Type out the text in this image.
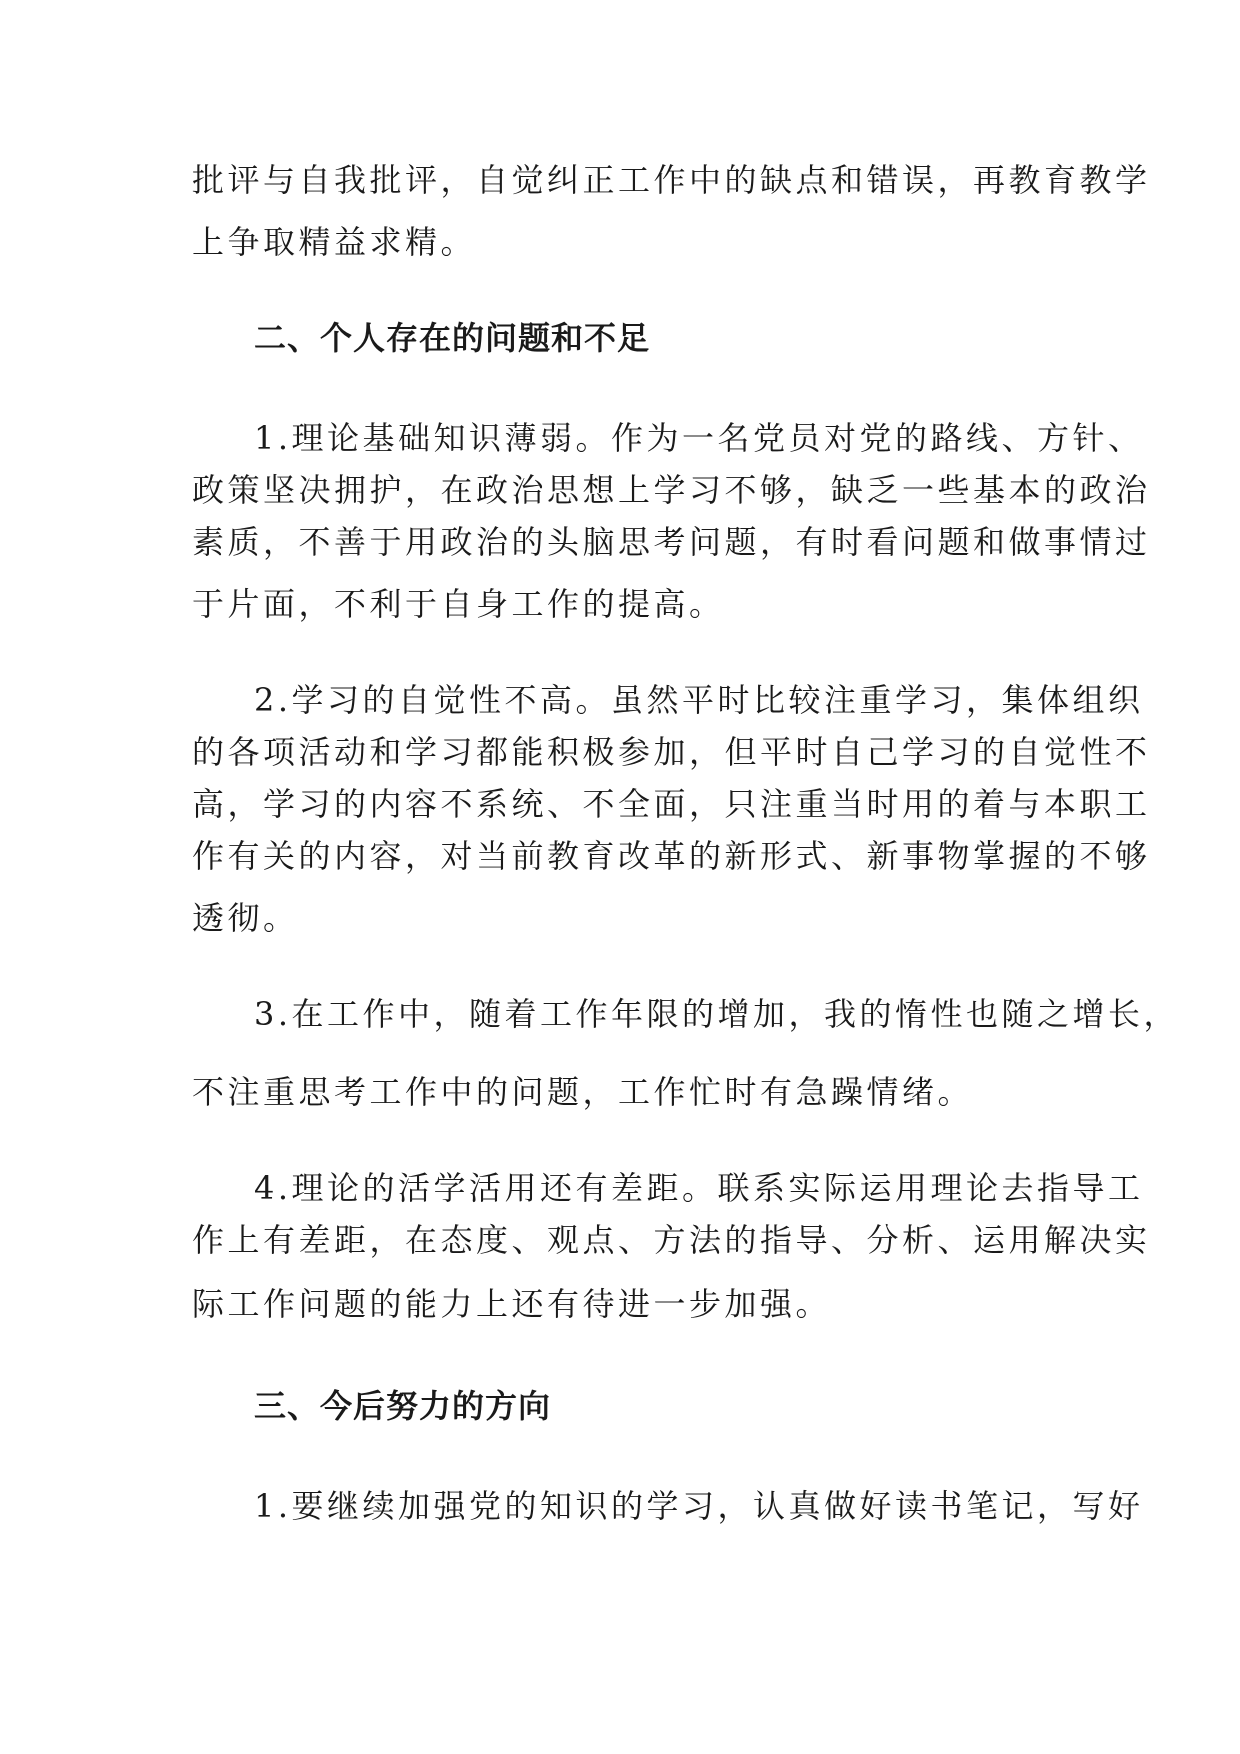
批评与自我批评，自觉纠正工作中的缺点和错误，再教育教学
上争取精益求精。
二、个人存在的问题和不足
1.理论基础知识薄弱。作为一名党员对党的路线、方针、
政策坚决拥护，在政治思想上学习不够，缺乏一些基本的政治
素质，不善于用政治的头脑思考问题，有时看问题和做事情过
于片面，不利于自身工作的提高。
2.学习的自觉性不高。虽然平时比较注重学习，集体组织
的各项活动和学习都能积极参加，但平时自己学习的自觉性不
高，学习的内容不系统、不全面，只注重当时用的着与本职工
作有关的内容，对当前教育改革的新形式、新事物掌握的不够
透彻。
3.在工作中，随着工作年限的增加，我的惰性也随之增长，
不注重思考工作中的问题，工作忙时有急躁情绪。
4.理论的活学活用还有差距。联系实际运用理论去指导工
作上有差距，在态度、观点、方法的指导、分析、运用解决实
际工作问题的能力上还有待进一步加强。
三、今后努力的方向
1.要继续加强党的知识的学习，认真做好读书笔记，写好
